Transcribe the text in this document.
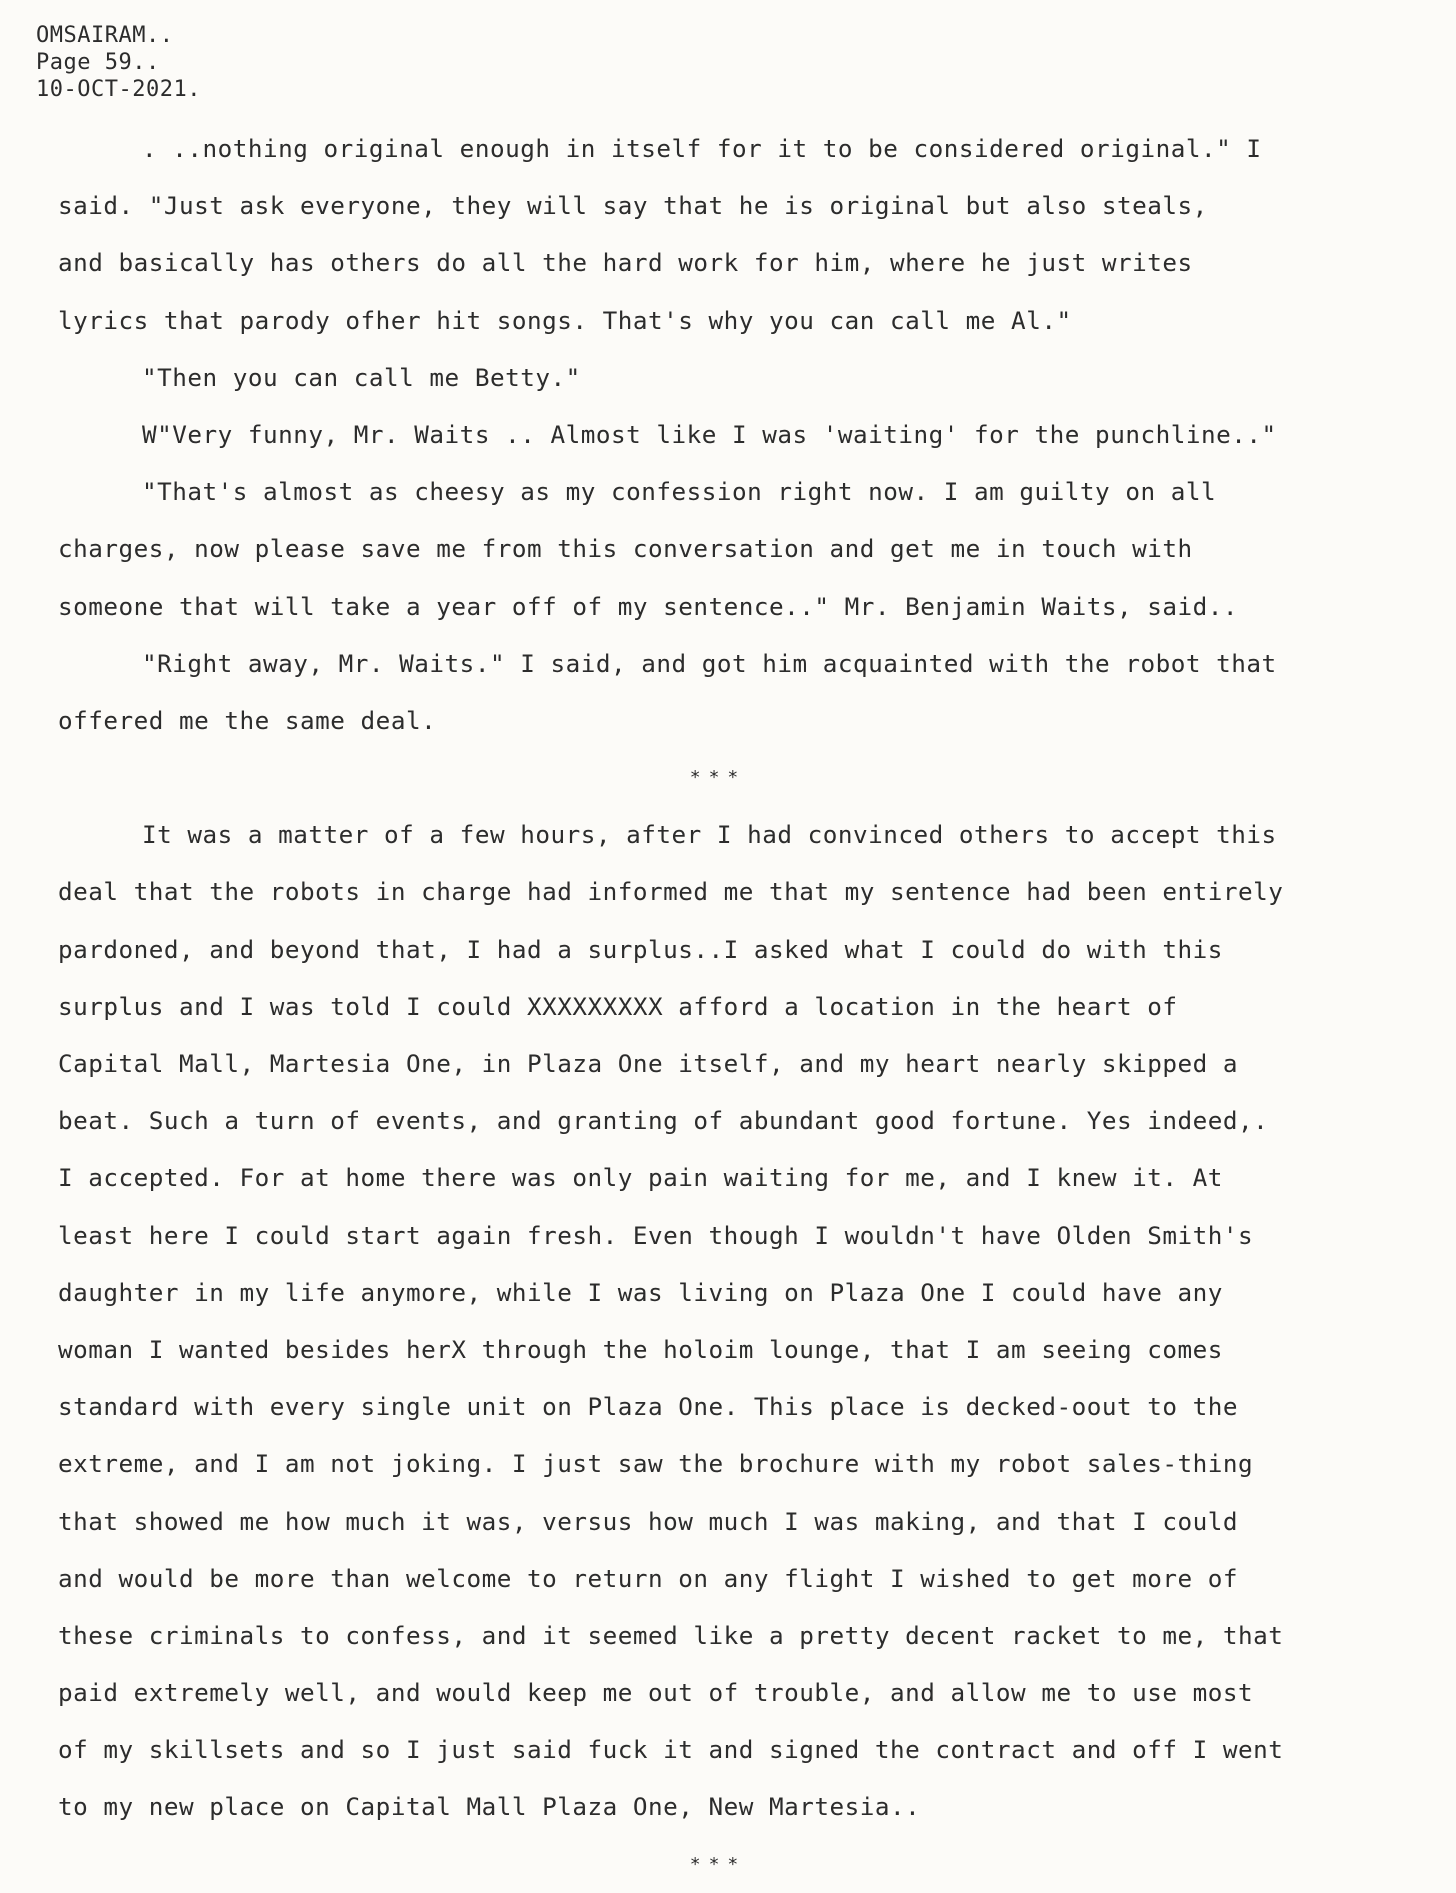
OMSAIRAM..
Page 59..
10-OCT-2021.
. ..nothing original enough in itself for it to be considered original." I
said. "Just ask everyone, they will say that he is original but also steals,
and basically has others do all the hard work for him, where he just writes
lyrics that parody ofher hit songs. That's why you can call me Al."
"Then you can call me Betty."
W"Very funny, Mr. Waits .. Almost like I was 'waiting' for the punchline.."
"That's almost as cheesy as my confession right now. I am guilty on all
charges, now please save me from this conversation and get me in touch with
someone that will take a year off of my sentence.." Mr. Benjamin Waits, said..
"Right away, Mr. Waits." I said, and got him acquainted with the robot that
offered me the same deal.
***
It was a matter of a few hours, after I had convinced others to accept this
deal that the robots in charge had informed me that my sentence had been entirely
pardoned, and beyond that, I had a surplus..I asked what I could do with this
surplus and I was told I could XXXXXXXXX afford a location in the heart of
Capital Mall, Martesia One, in Plaza One itself, and my heart nearly skipped a
beat. Such a turn of events, and granting of abundant good fortune. Yes indeed,.
I accepted. For at home there was only pain waiting for me, and I knew it. At
least here I could start again fresh. Even though I wouldn't have Olden Smith's
daughter in my life anymore, while I was living on Plaza One I could have any
woman I wanted besides herX through the holoim lounge, that I am seeing comes
standard with every single unit on Plaza One. This place is decked-oout to the
extreme, and I am not joking. I just saw the brochure with my robot sales-thing
that showed me how much it was, versus how much I was making, and that I could
and would be more than welcome to return on any flight I wished to get more of
these criminals to confess, and it seemed like a pretty decent racket to me, that
paid extremely well, and would keep me out of trouble, and allow me to use most
of my skillsets and so I just said fuck it and signed the contract and off I went
to my new place on Capital Mall Plaza One, New Martesia..
***
